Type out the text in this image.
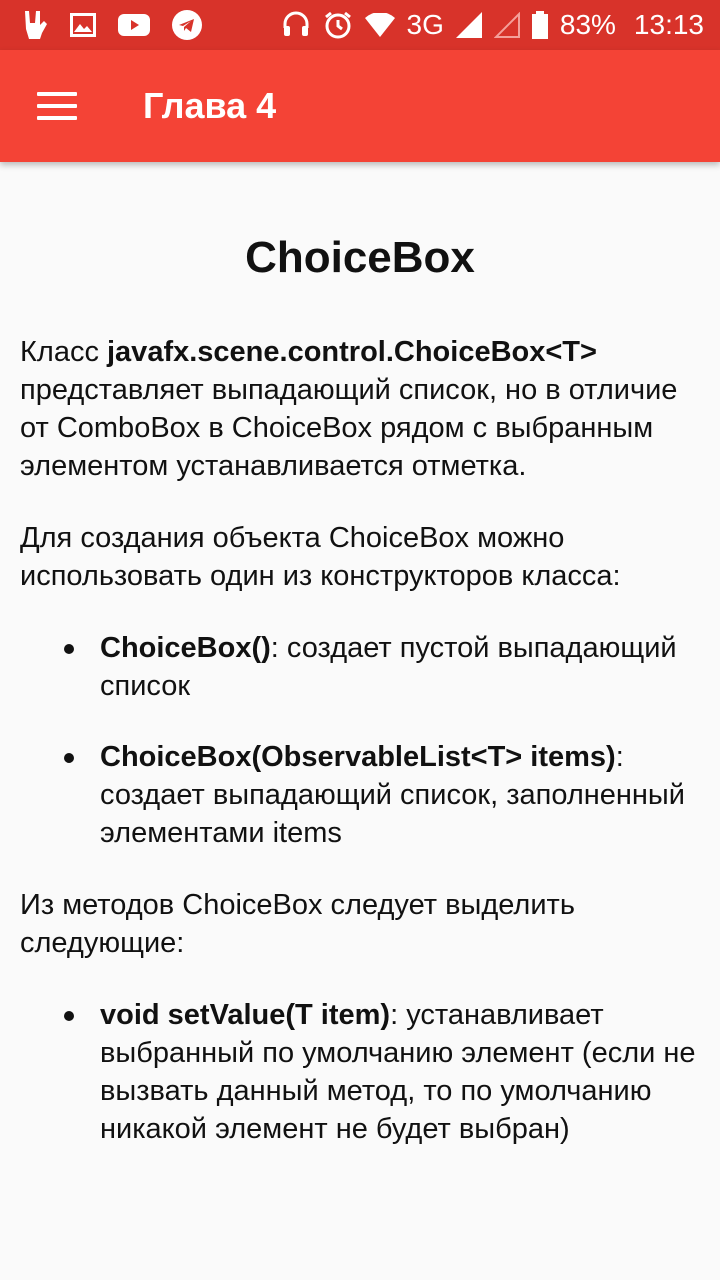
3G	83% 13:13
Глава 4
ChoiceBox

Класс javafx.scene.control.ChoiceBox<T> представляет выпадающий список, но в отличие от ComboBox в ChoiceBox рядом с выбранным элементом устанавливается отметка.

Для создания объекта ChoiceBox можно использовать один из конструкторов класса:

ChoiceBox(): создает пустой выпадающий список
ChoiceBox(ObservableList<T> items): создает выпадающий список, заполненный элементами items

Из методов ChoiceBox следует выделить следующие:

void setValue(T item): устанавливает выбранный по умолчанию элемент (если не вызвать данный метод, то по умолчанию никакой элемент не будет выбран)
